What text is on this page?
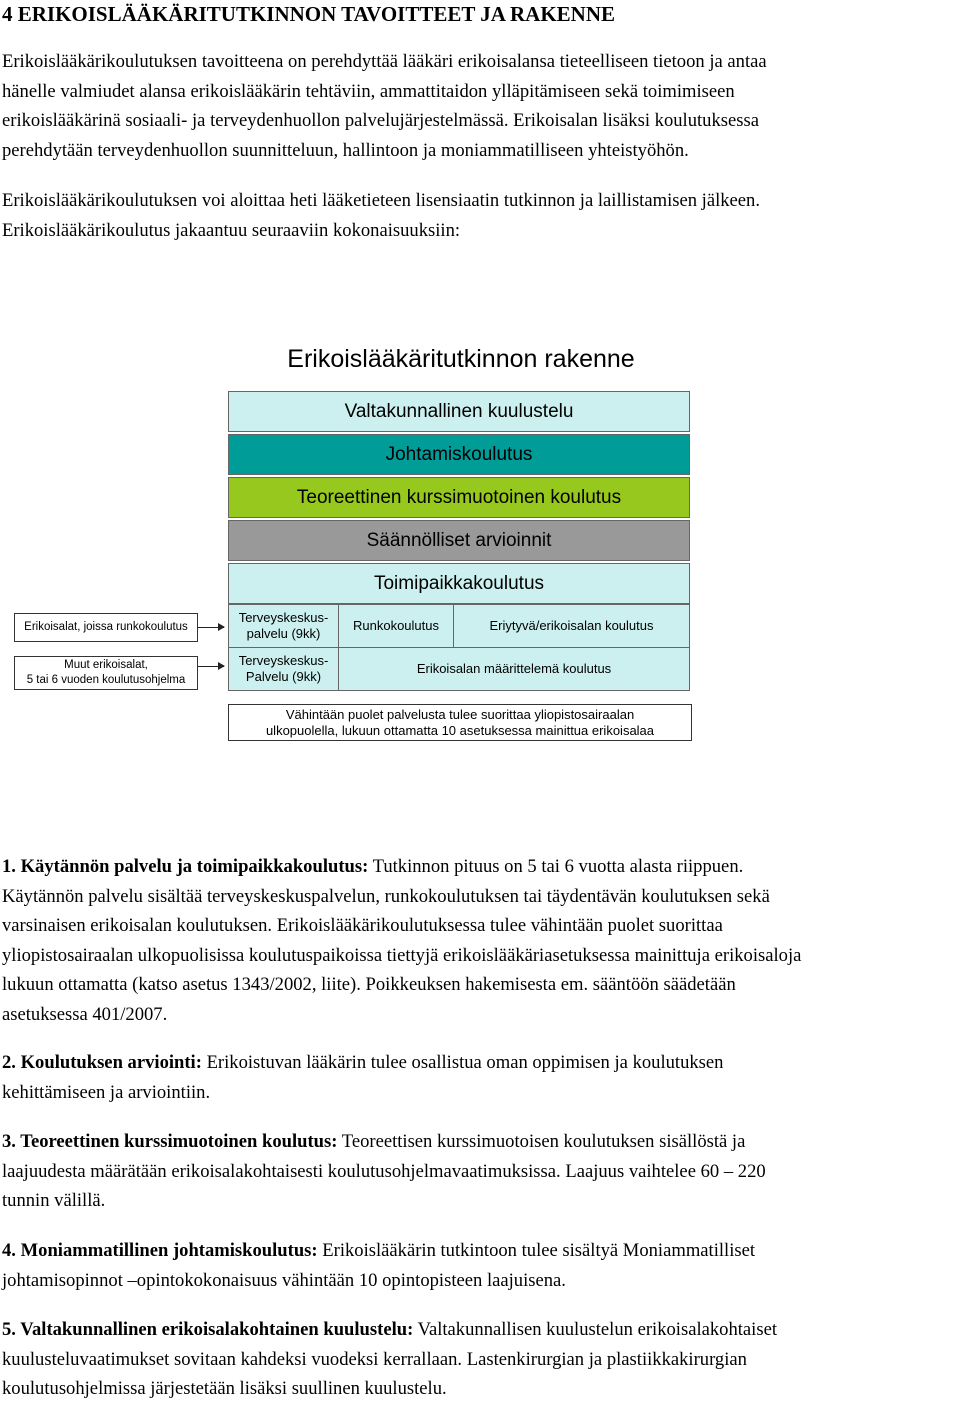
4 ERIKOISLÄÄKÄRITUTKINNON TAVOITTEET JA RAKENNE

Erikoislääkärikoulutuksen tavoitteena on perehdyttää lääkäri erikoisalansa tieteelliseen tietoon ja antaa
hänelle valmiudet alansa erikoislääkärin tehtäviin, ammattitaidon ylläpitämiseen sekä toimimiseen
erikoislääkärinä sosiaali- ja terveydenhuollon palvelujärjestelmässä. Erikoisalan lisäksi koulutuksessa
perehdytään terveydenhuollon suunnitteluun, hallintoon ja moniammatilliseen yhteistyöhön.

Erikoislääkärikoulutuksen voi aloittaa heti lääketieteen lisensiaatin tutkinnon ja laillistamisen jälkeen.
Erikoislääkärikoulutus jakaantuu seuraaviin kokonaisuuksiin:

Erikoislääkäritutkinnon rakenne
Valtakunnallinen kuulustelu
Johtamiskoulutus
Teoreettinen kurssimuotoinen koulutus
Säännölliset arvioinnit
Toimipaikkakoulutus
Erikoisalat, joissa runkokoulutus
Terveyskeskus-
palvelu (9kk)
Runkokoulutus	Eriytyvä/erikoisalan koulutus
Muut erikoisalat,
5 tai 6 vuoden koulutusohjelma
Terveyskeskus-
Palvelu (9kk)
Erikoisalan määrittelemä koulutus
Vähintään puolet palvelusta tulee suorittaa yliopistosairaalan
ulkopuolella, lukuun ottamatta 10 asetuksessa mainittua erikoisalaa

1. Käytännön palvelu ja toimipaikkakoulutus: Tutkinnon pituus on 5 tai 6 vuotta alasta riippuen.
Käytännön palvelu sisältää terveyskeskuspalvelun, runkokoulutuksen tai täydentävän koulutuksen sekä
varsinaisen erikoisalan koulutuksen. Erikoislääkärikoulutuksessa tulee vähintään puolet suorittaa
yliopistosairaalan ulkopuolisissa koulutuspaikoissa tiettyjä erikoislääkäriasetuksessa mainittuja erikoisaloja
lukuun ottamatta (katso asetus 1343/2002, liite). Poikkeuksen hakemisesta em. sääntöön säädetään
asetuksessa 401/2007.

2. Koulutuksen arviointi: Erikoistuvan lääkärin tulee osallistua oman oppimisen ja koulutuksen
kehittämiseen ja arviointiin.

3. Teoreettinen kurssimuotoinen koulutus: Teoreettisen kurssimuotoisen koulutuksen sisällöstä ja
laajuudesta määrätään erikoisalakohtaisesti koulutusohjelmavaatimuksissa. Laajuus vaihtelee 60 – 220
tunnin välillä.

4. Moniammatillinen johtamiskoulutus: Erikoislääkärin tutkintoon tulee sisältyä Moniammatilliset
johtamisopinnot –opintokokonaisuus vähintään 10 opintopisteen laajuisena.

5. Valtakunnallinen erikoisalakohtainen kuulustelu: Valtakunnallisen kuulustelun erikoisalakohtaiset
kuulusteluvaatimukset sovitaan kahdeksi vuodeksi kerrallaan. Lastenkirurgian ja plastiikkakirurgian
koulutusohjelmissa järjestetään lisäksi suullinen kuulustelu.
